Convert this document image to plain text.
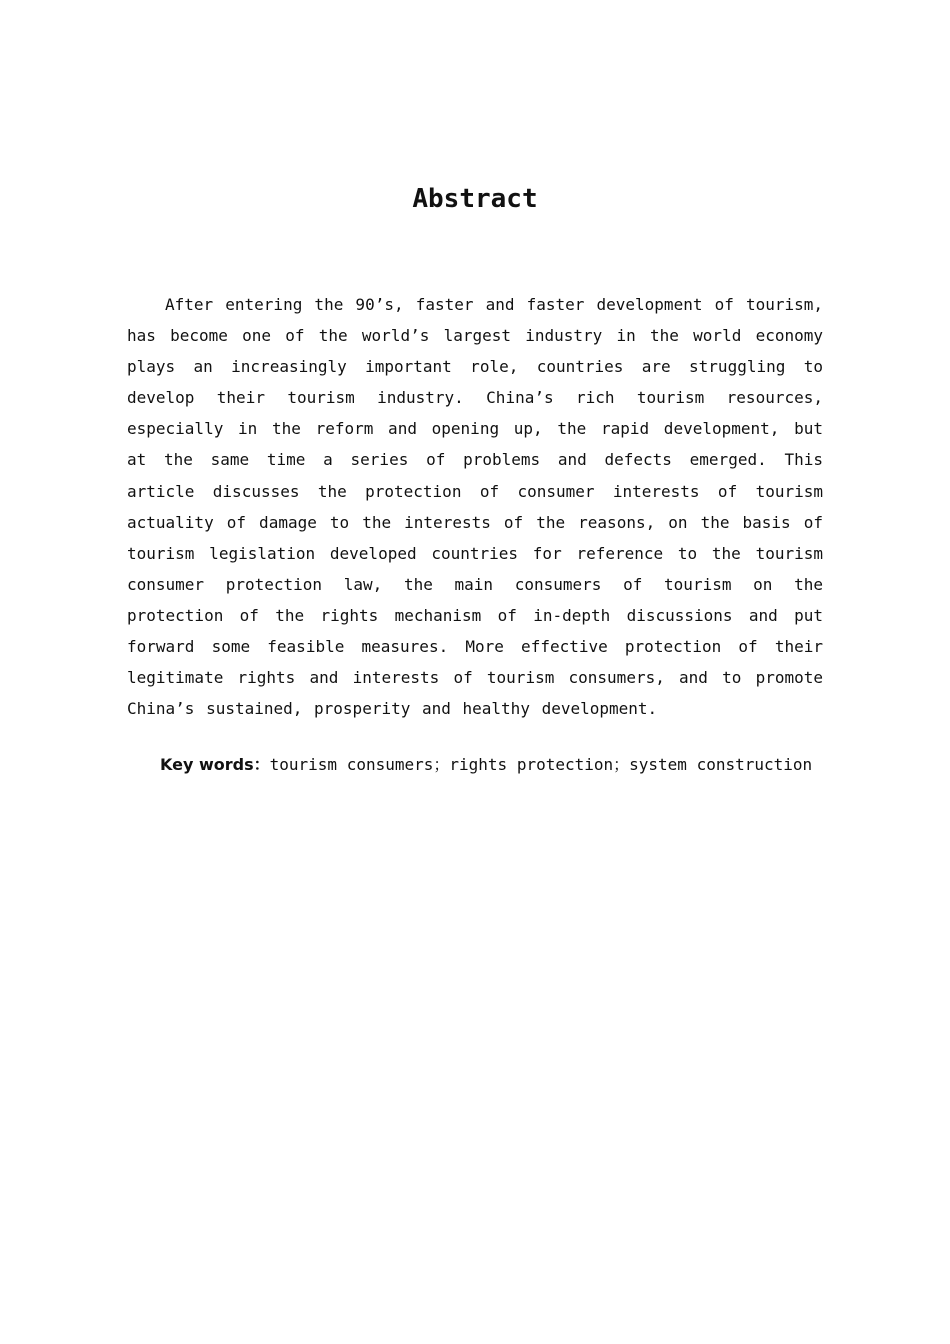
Abstract

After entering the 90’s, faster and faster development of tourism, has become one of the world’s largest industry in the world economy plays an increasingly important role, countries are struggling to develop their tourism industry. China’s rich tourism resources, especially in the reform and opening up, the rapid development, but at the same time a series of problems and defects emerged. This article discusses the protection of consumer interests of tourism actuality of damage to the interests of the reasons, on the basis of tourism legislation developed countries for reference to the tourism consumer protection law, the main consumers of tourism on the protection of the rights mechanism of in-depth discussions and put forward some feasible measures. More effective protection of their legitimate rights and interests of tourism consumers, and to promote China’s sustained, prosperity and healthy development.

Key words：tourism consumers；rights protection；system construction
